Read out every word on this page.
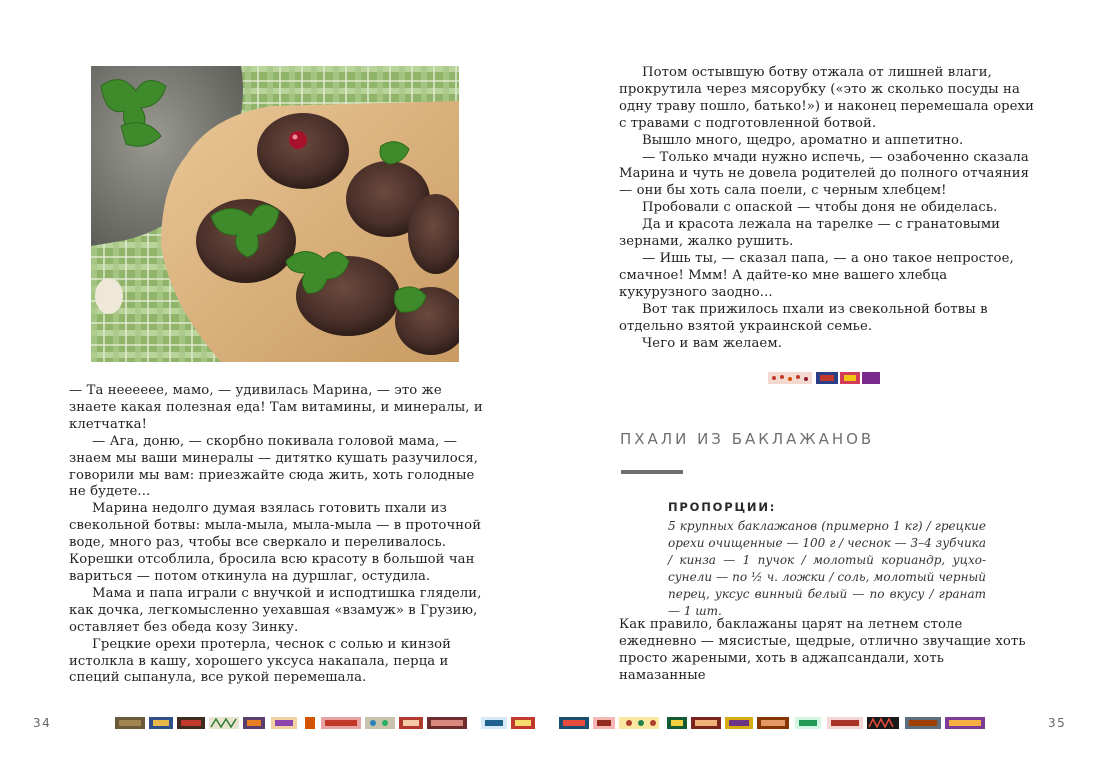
— Та нееееее, мамо, — удивилась Марина, — это же знаете какая полезная еда! Там витамины, и минералы, и клетчатка!

— Ага, доню, — скорбно покивала головой мама, — знаем мы ваши минералы — дитятко кушать разучилося, говорили мы вам: приезжайте сюда жить, хоть голодные не будете...

Марина недолго думая взялась готовить пхали из свекольной ботвы: мыла-мыла, мыла-мыла — в проточной воде, много раз, чтобы все сверкало и переливалось. Корешки отсоблила, бросила всю красоту в большой чан вариться — потом откинула на дуршлаг, остудила.

Мама и папа играли с внучкой и исподтишка глядели, как дочка, легкомысленно уехавшая «взамуж» в Грузию, оставляет без обеда козу Зинку.

Грецкие орехи протерла, чеснок с солью и кинзой истолкла в кашу, хорошего уксуса накапала, перца и специй сыпанула, все рукой перемешала.

Потом остывшую ботву отжала от лишней влаги, прокрутила через мясорубку («это ж сколько посуды на одну траву пошло, батько!») и наконец перемешала орехи с травами с подготовленной ботвой.

Вышло много, щедро, ароматно и аппетитно.

— Только мчади нужно испечь, — озабоченно сказала Марина и чуть не довела родителей до полного отчаяния — они бы хоть сала поели, с черным хлебцем!

Пробовали с опаской — чтобы доня не обиделась.

Да и красота лежала на тарелке — с гранатовыми зернами, жалко рушить.

— Ишь ты, — сказал папа, — а оно такое непростое, смачное! Ммм! А дайте-ко мне вашего хлебца кукурузного заодно...

Вот так прижилось пхали из свекольной ботвы в отдельно взятой украинской семье.

Чего и вам желаем.

ПХАЛИ ИЗ БАКЛАЖАНОВ
ПРОПОРЦИИ:
5 крупных баклажанов (примерно 1 кг) / грецкие орехи очищенные — 100 г / чеснок — 3–4 зубчика / кинза — 1 пучок / молотый кориандр, уцхо-сунели — по ½ ч. ложки / соль, молотый черный перец, уксус винный белый — по вкусу / гранат — 1 шт.

Как правило, баклажаны царят на летнем столе ежедневно — мясистые, щедрые, отлично звучащие хоть просто жареными, хоть в аджапсандали, хоть намазанные

34	35
